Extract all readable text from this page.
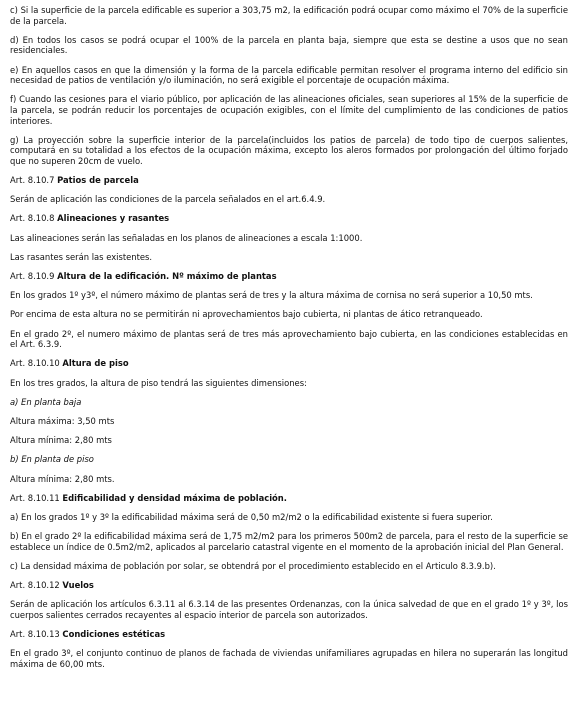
c) Si la superficie de la parcela edificable es superior a 303,75 m2, la edificación podrá ocupar como máximo el 70% de la superficie de la parcela.

d) En todos los casos se podrá ocupar el 100% de la parcela en planta baja, siempre que esta se destine a usos que no sean residenciales.

e) En aquellos casos en que la dimensión y la forma de la parcela edificable permitan resolver el programa interno del edificio sin necesidad de patios de ventilación y/o iluminación, no será exigible el porcentaje de ocupación máxima.

f) Cuando las cesiones para el viario público, por aplicación de las alineaciones oficiales, sean superiores al 15% de la superficie de la parcela, se podrán reducir los porcentajes de ocupación exigibles, con el límite del cumplimiento de las condiciones de patios interiores.

g) La proyección sobre la superficie interior de la parcela(incluidos los patios de parcela) de todo tipo de cuerpos salientes, computará en su totalidad a los efectos de la ocupación máxima, excepto los aleros formados por prolongación del último forjado que no superen 20cm de vuelo.

Art. 8.10.7 Patios de parcela

Serán de aplicación las condiciones de la parcela señalados en el art.6.4.9.

Art. 8.10.8 Alineaciones y rasantes

Las alineaciones serán las señaladas en los planos de alineaciones a escala 1:1000.

Las rasantes serán las existentes.

Art. 8.10.9 Altura de la edificación. Nº máximo de plantas

En los grados 1º y3º, el número máximo de plantas será de tres y la altura máxima de cornisa no será superior a 10,50 mts.

Por encima de esta altura no se permitirán ni aprovechamientos bajo cubierta, ni plantas de ático retranqueado.

En el grado 2º, el numero máximo de plantas será de tres más aprovechamiento bajo cubierta, en las condiciones establecidas en el Art. 6.3.9.

Art. 8.10.10 Altura de piso

En los tres grados, la altura de piso tendrá las siguientes dimensiones:

a) En planta baja

Altura máxima: 3,50 mts

Altura mínima: 2,80 mts

b) En planta de piso

Altura mínima: 2,80 mts.

Art. 8.10.11 Edificabilidad y densidad máxima de población.

a) En los grados 1º y 3º la edificabilidad máxima será de 0,50 m2/m2 o la edificabilidad existente si fuera superior.

b) En el grado 2º la edificabilidad máxima será de 1,75 m2/m2 para los primeros 500m2 de parcela, para el resto de la superficie se establece un índice de 0.5m2/m2, aplicados al parcelario catastral vigente en el momento de la aprobación inicial del Plan General.

c) La densidad máxima de población por solar, se obtendrá por el procedimiento establecido en el Articulo 8.3.9.b).

Art. 8.10.12 Vuelos

Serán de aplicación los artículos 6.3.11 al 6.3.14 de las presentes Ordenanzas, con la única salvedad de que en el grado 1º y 3º, los cuerpos salientes cerrados recayentes al espacio interior de parcela son autorizados.

Art. 8.10.13 Condiciones estéticas

En el grado 3º, el conjunto continuo de planos de fachada de viviendas unifamiliares agrupadas en hilera no superarán las longitud máxima de 60,00 mts.
